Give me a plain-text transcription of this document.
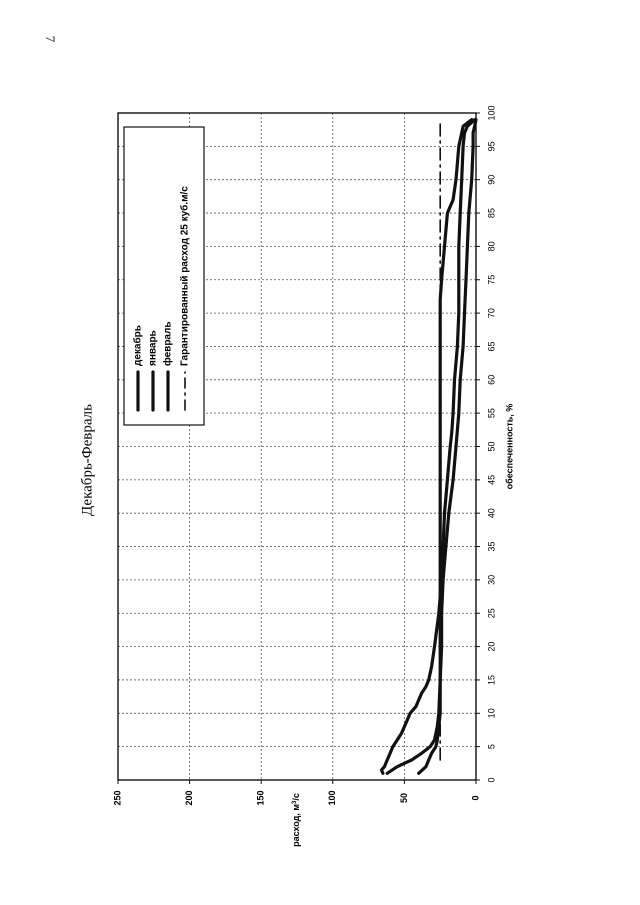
7
0
5
10
15
20
25
30
35
40
45
50
55
60
65
70
75
80
85
90
95
100
0
50
100
150
200
250
обеспеченность, %
расход, $м^3/с$
Декабрь-Февраль
декабрь январь февраль Гарантированный расход 25 куб.м/с
